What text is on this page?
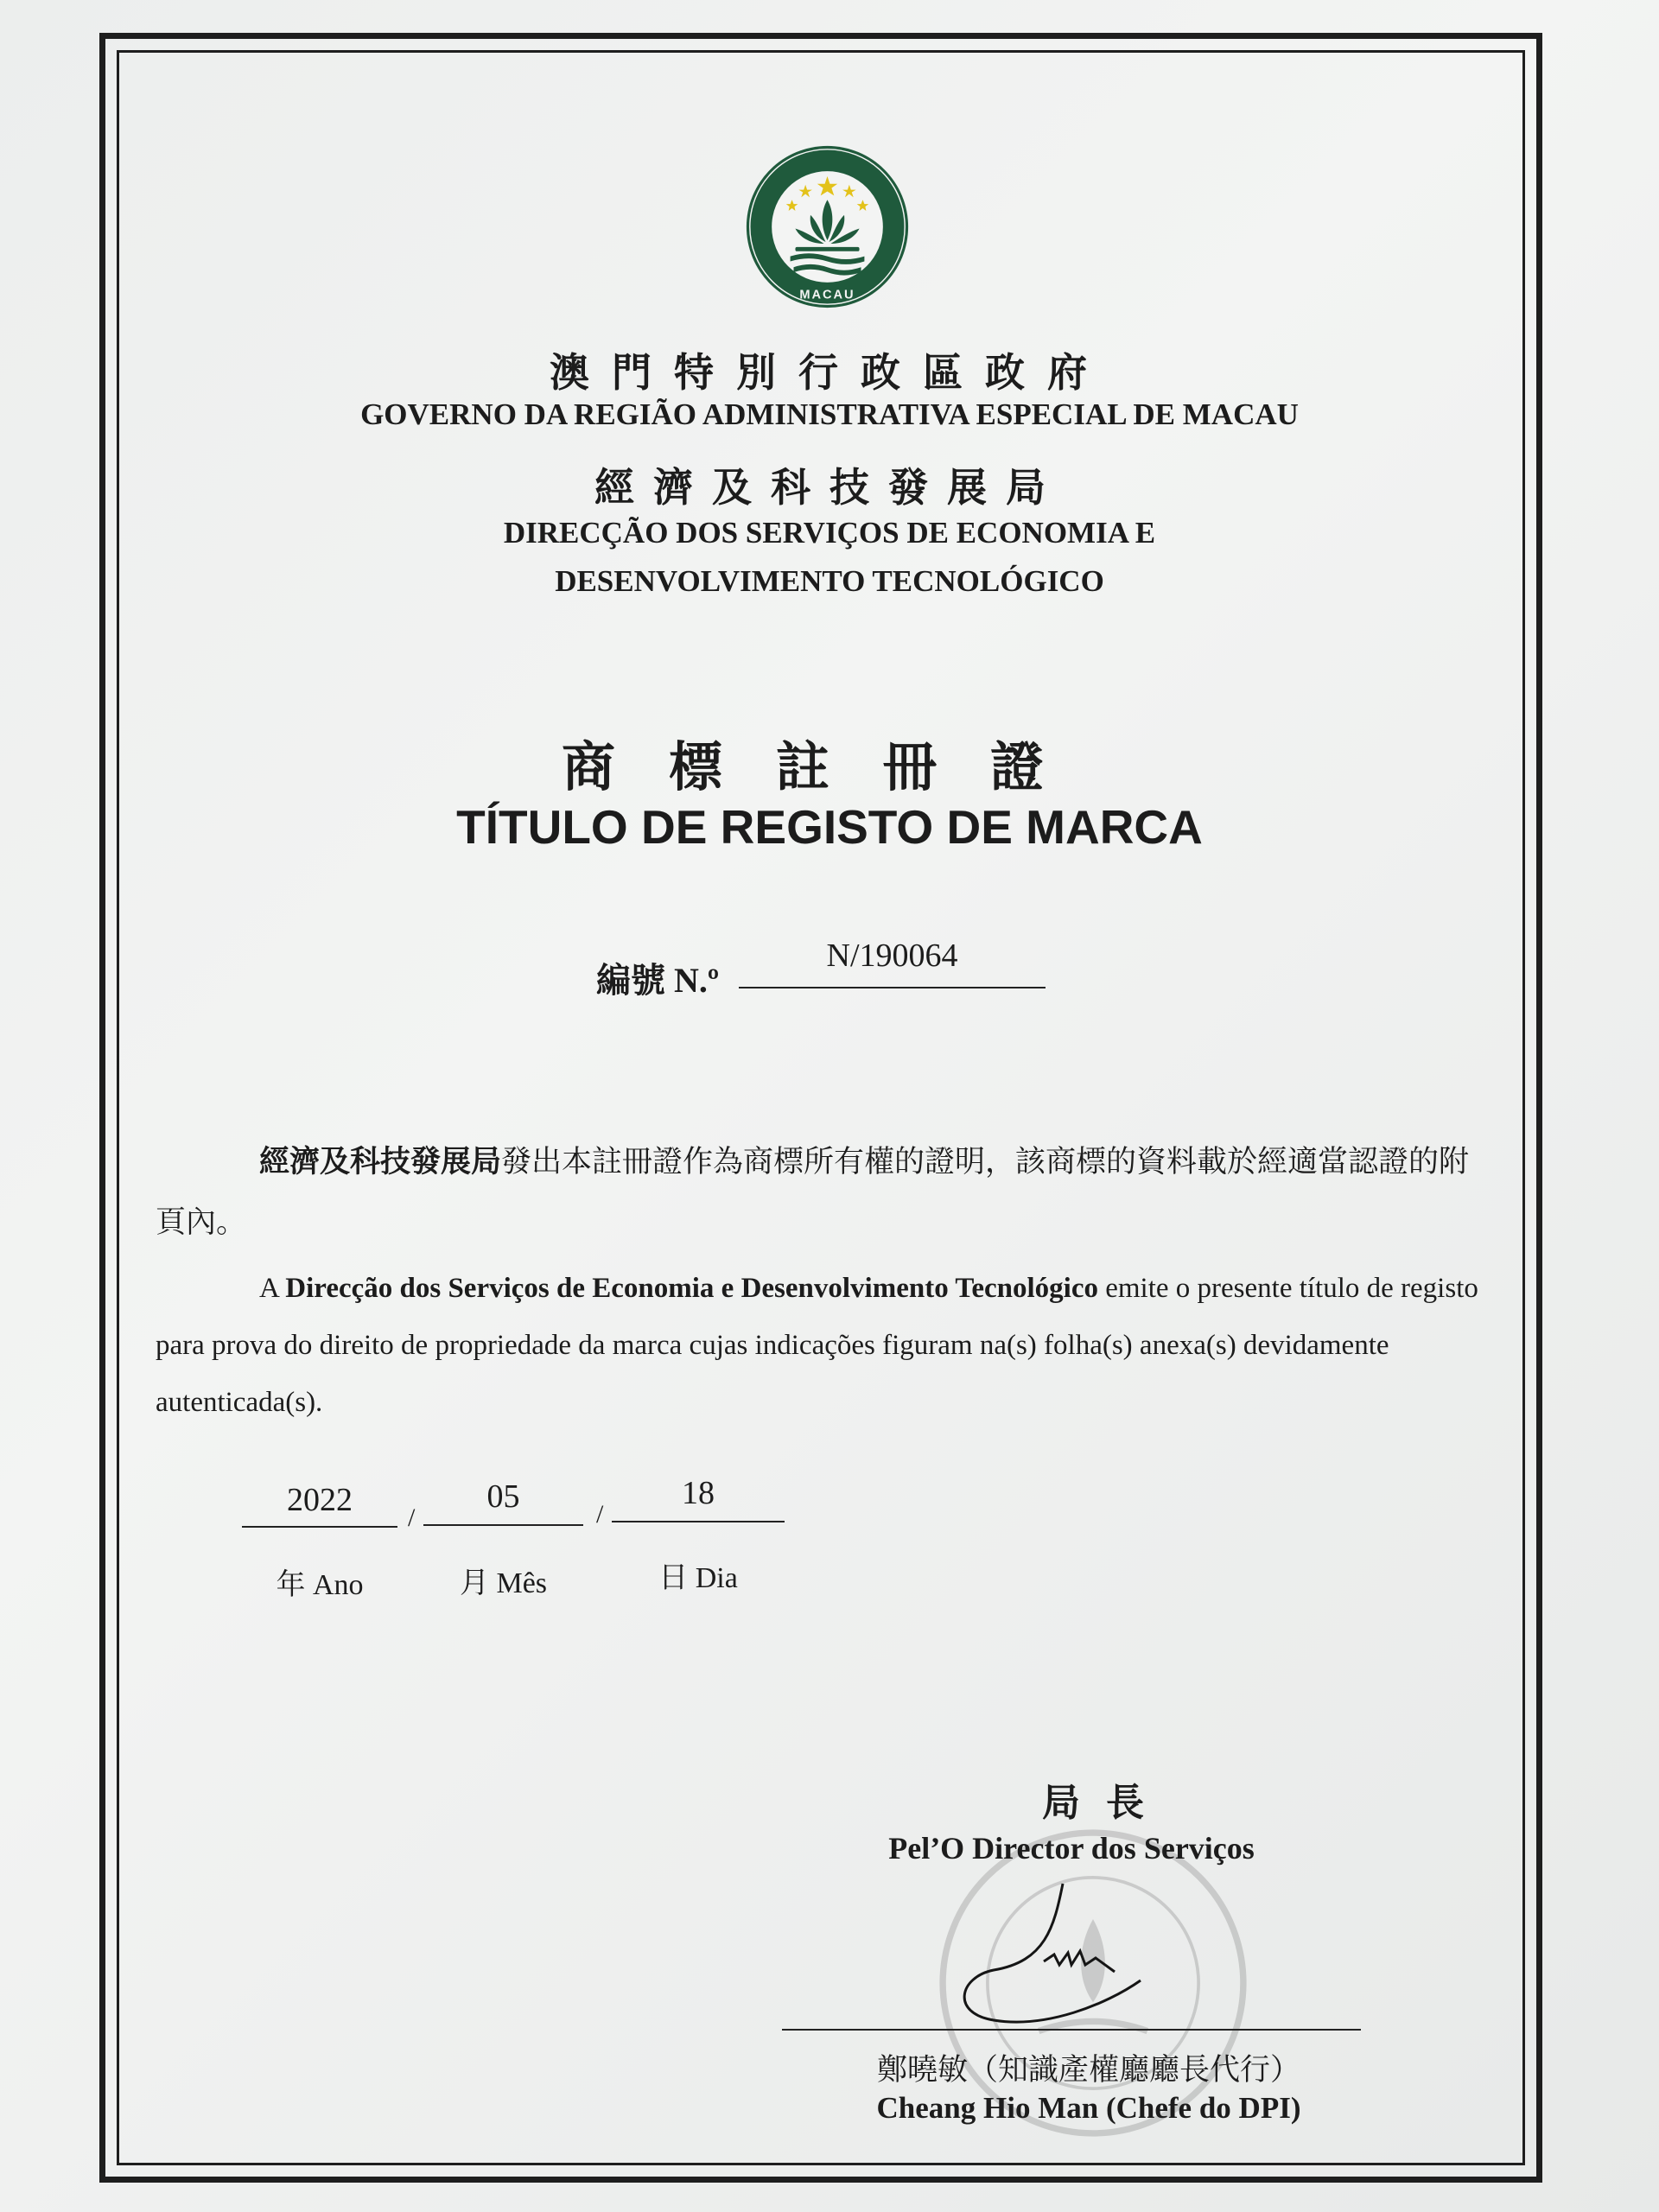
MACAU
澳門特別行政區政府
GOVERNO DA REGIÃO ADMINISTRATIVA ESPECIAL DE MACAU
經濟及科技發展局
DIRECÇÃO DOS SERVIÇOS DE ECONOMIA E
DESENVOLVIMENTO TECNOLÓGICO
商標註冊證
TÍTULO DE REGISTO DE MARCA
編號 N.º
N/190064
經濟及科技發展局發出本註冊證作為商標所有權的證明，該商標的資料載於經適當認證的附頁內。
A Direcção dos Serviços de Economia e Desenvolvimento Tecnológico emite o presente título de registo para prova do direito de propriedade da marca cujas indicações figuram na(s) folha(s) anexa(s) devidamente autenticada(s).
2022	/
05	/
18
年 Ano	月 Mês	日 Dia
局長
Pel’O Director dos Serviços
鄭曉敏（知識產權廳廳長代行）
Cheang Hio Man (Chefe do DPI)
